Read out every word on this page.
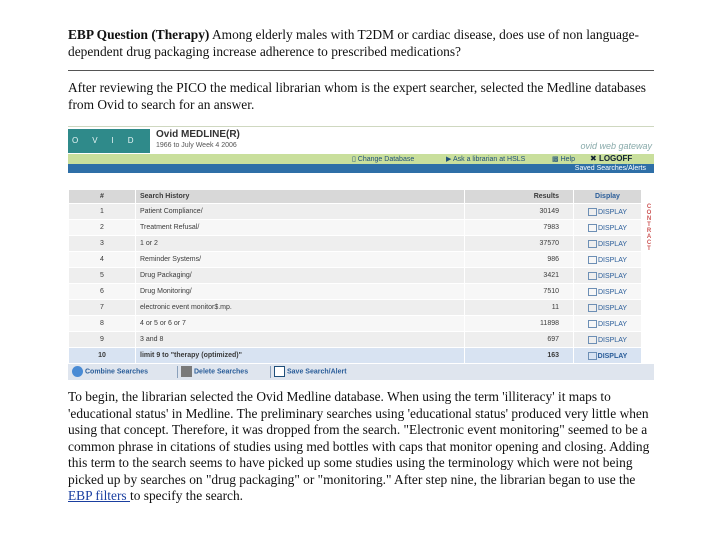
EBP Question (Therapy) Among elderly males with T2DM or cardiac disease, does use of non language-dependent drug packaging increase adherence to prescribed medications?
After reviewing the PICO the medical librarian whom is the expert searcher, selected the Medline databases from Ovid to search for an answer.
OVID
Ovid MEDLINE(R)
1966 to July Week 4 2006	ovid web gateway
▯ Change Database	▶ Ask a librarian at HSLS	▩ Help ✖ LOGOFF
Saved Searches/Alerts
#	Search History	Results	Display
1	Patient Compliance/	30149	DISPLAY
2	Treatment Refusal/	7983	DISPLAY
3	1 or 2	37570	DISPLAY
4	Reminder Systems/	986	DISPLAY
5	Drug Packaging/	3421	DISPLAY
6	Drug Monitoring/	7510	DISPLAY
7	electronic event monitor$.mp.	11	DISPLAY
8	4 or 5 or 6 or 7	11898	DISPLAY
9	3 and 8	697	DISPLAY
10	limit 9 to "therapy (optimized)"	163	DISPLAY
C
O
N
T
R
A
C
T
Combine Searches	Delete Searches	Save Search/Alert
To begin, the librarian selected the Ovid Medline database. When using the term 'illiteracy' it maps to 'educational status' in Medline. The preliminary searches using 'educational status' produced very little when using that concept. Therefore, it was dropped from the search. "Electronic event monitoring" seemed to be a common phrase in citations of studies using med bottles with caps that monitor opening and closing. Adding this term to the search seems to have picked up some studies using the terminology which were not being picked up by searches on "drug packaging" or "monitoring." After step nine, the librarian began to use the EBP filters to specify the search.
